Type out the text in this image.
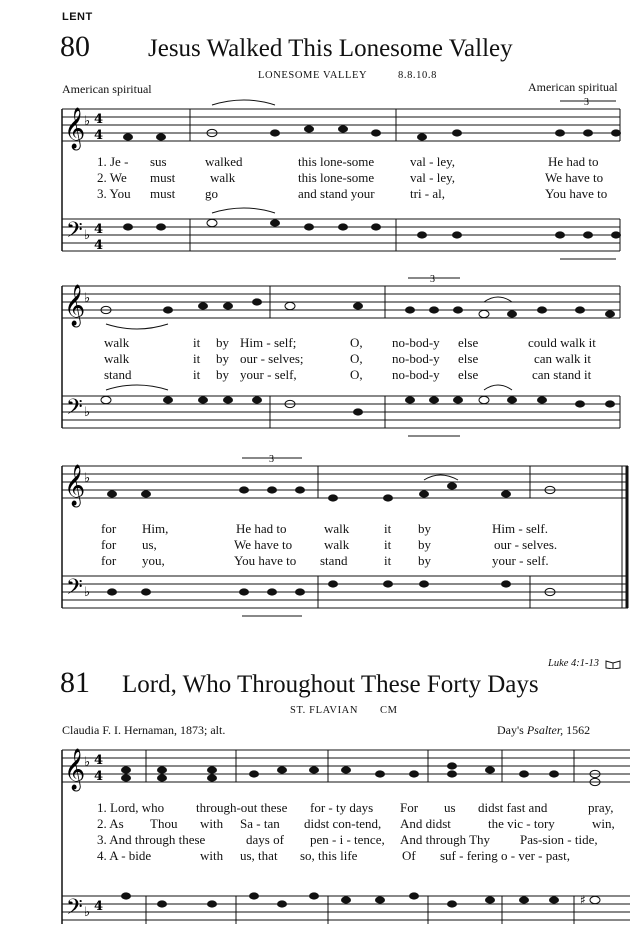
LENT
80 Jesus Walked This Lonesome Valley
LONESOME VALLEY	8.8.10.8
American spiritual	American spiritual
𝄞
𝄢
♭
♭
4
4
4
4
3
1. Je - sus	walked	this lone-some	val - ley,	He had to
2. We must	walk	this lone-some	val - ley,	We have to
3. You must go	and stand your	tri - al,	You have to
𝄞
𝄢
♭
♭
3
walk	it by Him - self;	O, no-bod-y else	could walk it
walk	it by our - selves;	O, no-bod-y else	can walk it
stand	it by your - self,	O, no-bod-y else	can stand it
𝄞
𝄢
♭
♭
3
for Him,	He had to	walk	it by	Him - self.
for us,	We have to walk	it by	our - selves.
for you,	You have to stand	it by	your - self.
Luke 4:1-13
81 Lord, Who Throughout These Forty Days
ST. FLAVIAN CM
Claudia F. I. Hernaman, 1873; alt.	Day's Psalter, 1562
𝄞
𝄢
♭
♭
4
4
4	♯
1. Lord, who through-out these for - ty days For us didst fast and	pray,
2. As Thou with Sa - tan didst con-tend, And didst	the vic - tory	win,
3. And through these	days of pen - i - tence, And through Thy Pas-sion - tide,
4. A - bide	with us, that so, this life	Of suf - fering o - ver - past,
